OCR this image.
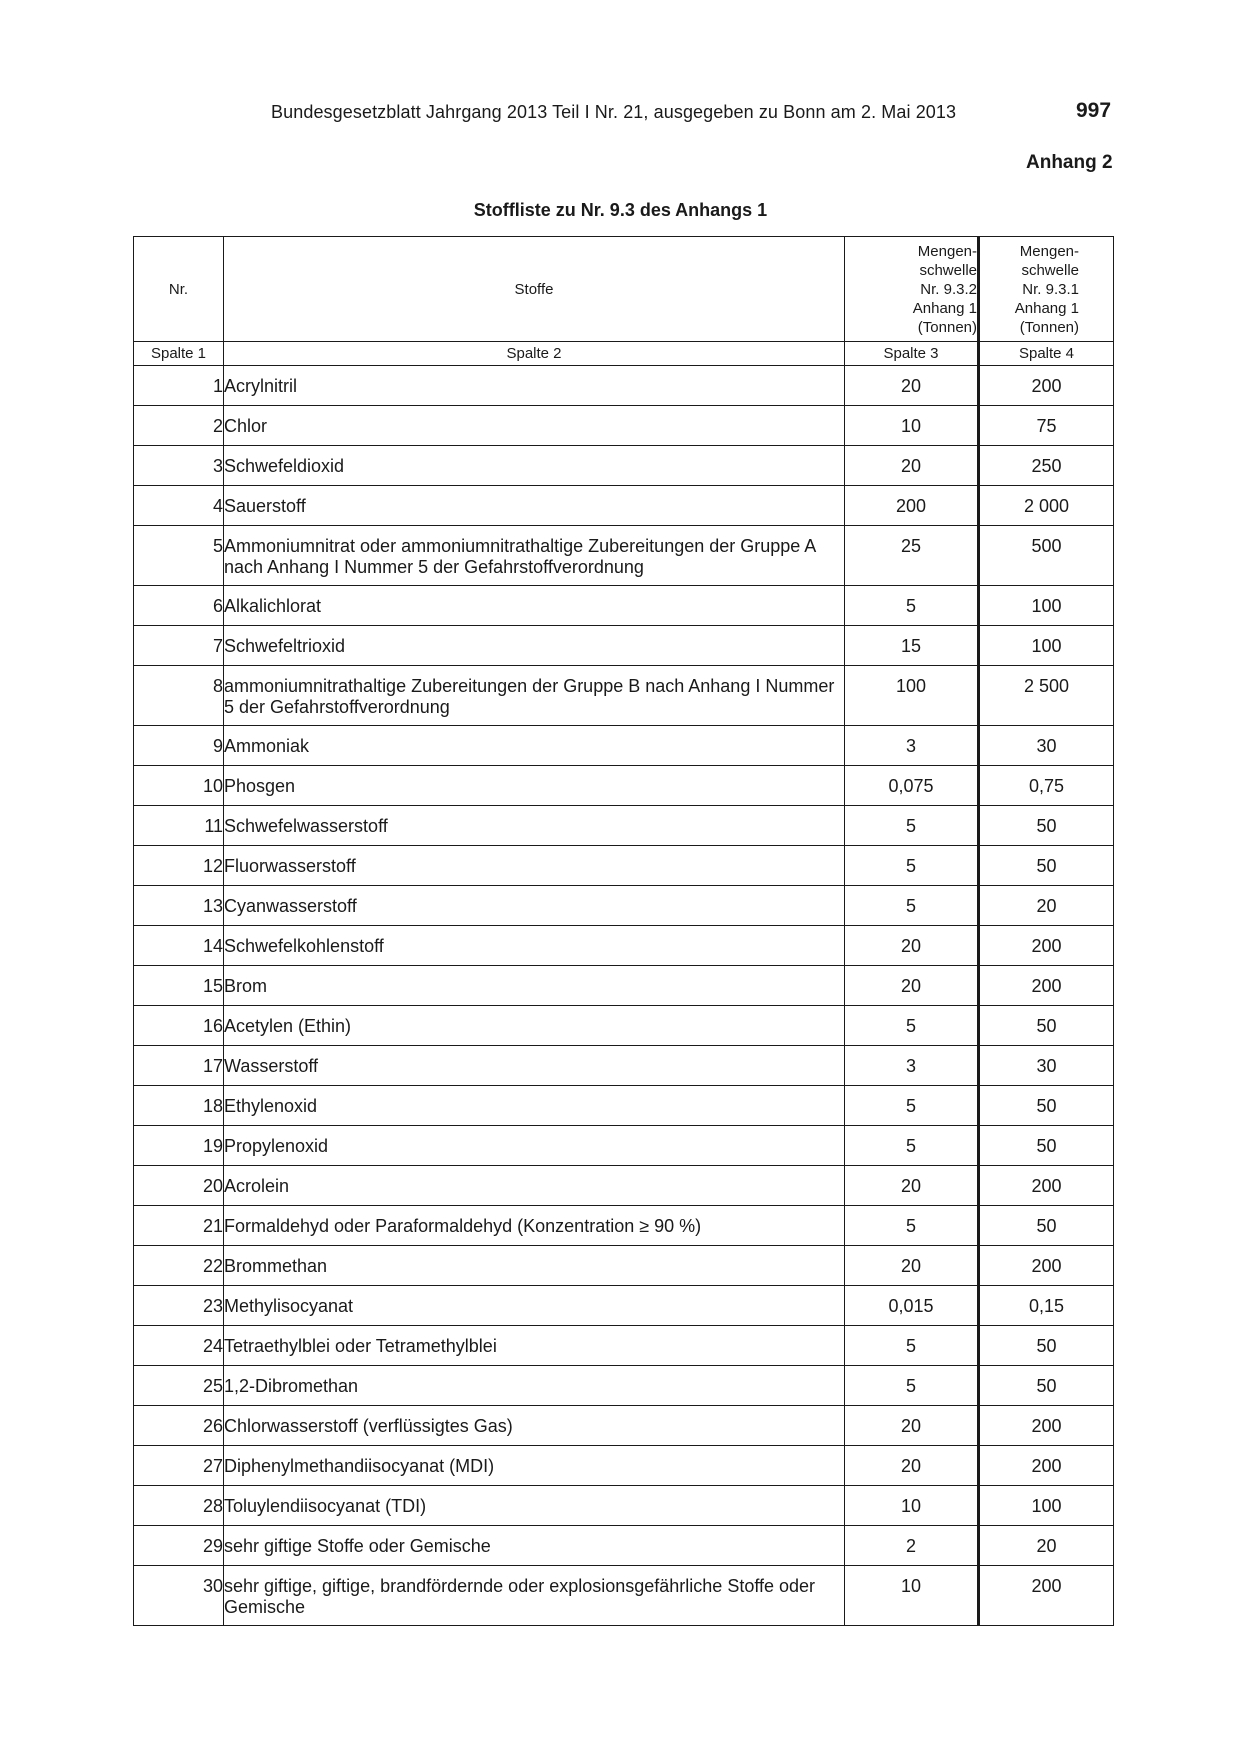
Bundesgesetzblatt Jahrgang 2013 Teil I Nr. 21, ausgegeben zu Bonn am 2. Mai 2013	997
Anhang 2
Stoffliste zu Nr. 9.3 des Anhangs 1
Nr.	Stoffe	Mengen-
schwelle
Nr. 9.3.2
Anhang 1
(Tonnen)	Mengen-
schwelle
Nr. 9.3.1
Anhang 1
(Tonnen)
Spalte 1	Spalte 2	Spalte 3	Spalte 4
1	Acrylnitril	20	200
2	Chlor	10	75
3	Schwefeldioxid	20	250
4	Sauerstoff	200	2 000
5	Ammoniumnitrat oder ammoniumnitrathaltige Zubereitungen der Gruppe A nach Anhang I Nummer 5 der Gefahrstoffverordnung	25	500
6	Alkalichlorat	5	100
7	Schwefeltrioxid	15	100
8	ammoniumnitrathaltige Zubereitungen der Gruppe B nach Anhang I Nummer 5 der Gefahrstoffverordnung	100	2 500
9	Ammoniak	3	30
10	Phosgen	0,075	0,75
11	Schwefelwasserstoff	5	50
12	Fluorwasserstoff	5	50
13	Cyanwasserstoff	5	20
14	Schwefelkohlenstoff	20	200
15	Brom	20	200
16	Acetylen (Ethin)	5	50
17	Wasserstoff	3	30
18	Ethylenoxid	5	50
19	Propylenoxid	5	50
20	Acrolein	20	200
21	Formaldehyd oder Paraformaldehyd (Konzentration ≥ 90 %)	5	50
22	Brommethan	20	200
23	Methylisocyanat	0,015	0,15
24	Tetraethylblei oder Tetramethylblei	5	50
25	1,2-Dibromethan	5	50
26	Chlorwasserstoff (verflüssigtes Gas)	20	200
27	Diphenylmethandiisocyanat (MDI)	20	200
28	Toluylendiisocyanat (TDI)	10	100
29	sehr giftige Stoffe oder Gemische	2	20
30	sehr giftige, giftige, brandfördernde oder explosionsgefährliche Stoffe oder Gemische	10	200
